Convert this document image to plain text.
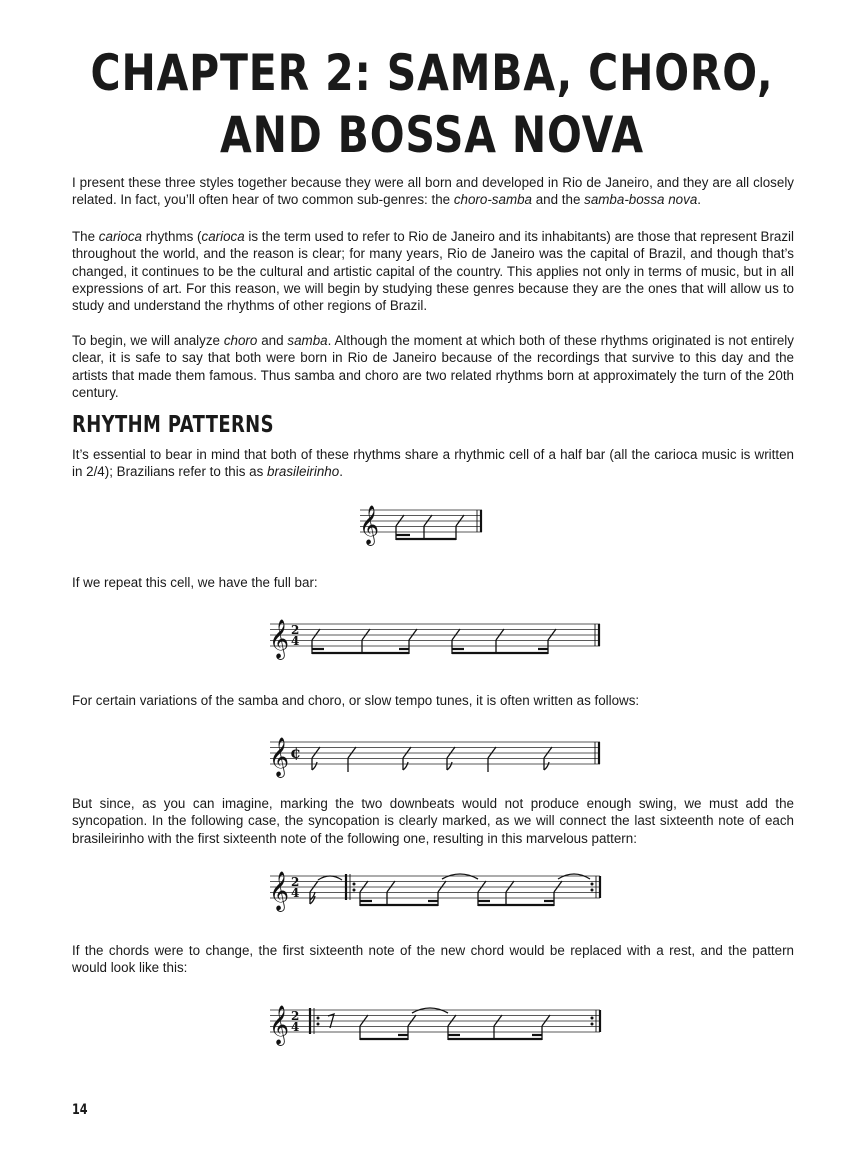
CHAPTER 2: SAMBA, CHORO,
AND BOSSA NOVA

I present these three styles together because they were all born and developed in Rio de Janeiro, and they are all closely related. In fact, you’ll often hear of two common sub-genres: the choro-samba and the samba-bossa nova.

The carioca rhythms (carioca is the term used to refer to Rio de Janeiro and its inhabitants) are those that represent Brazil throughout the world, and the reason is clear; for many years, Rio de Janeiro was the capital of Brazil, and though that’s changed, it continues to be the cultural and artistic capital of the country. This applies not only in terms of music, but in all expressions of art. For this reason, we will begin by studying these genres because they are the ones that will allow us to study and understand the rhythms of other regions of Brazil.

To begin, we will analyze choro and samba. Although the moment at which both of these rhythms originated is not entirely clear, it is safe to say that both were born in Rio de Janeiro because of the recordings that survive to this day and the artists that made them famous. Thus samba and choro are two related rhythms born at approximately the turn of the 20th century.

RHYTHM PATTERNS

It’s essential to bear in mind that both of these rhythms share a rhythmic cell of a half bar (all the carioca music is written in 2/4); Brazilians refer to this as brasileirinho.

𝄞

If we repeat this cell, we have the full bar:

𝄞 2
4

For certain variations of the samba and choro, or slow tempo tunes, it is often written as follows:

𝄞 ¢

But since, as you can imagine, marking the two downbeats would not produce enough swing, we must add the syncopation. In the following case, the syncopation is clearly marked, as we will connect the last sixteenth note of each brasileirinho with the first sixteenth note of the following one, resulting in this marvelous pattern:

𝄞 2
4

If the chords were to change, the first sixteenth note of the new chord would be replaced with a rest, and the pattern would look like this:

𝄞 2
4
14
